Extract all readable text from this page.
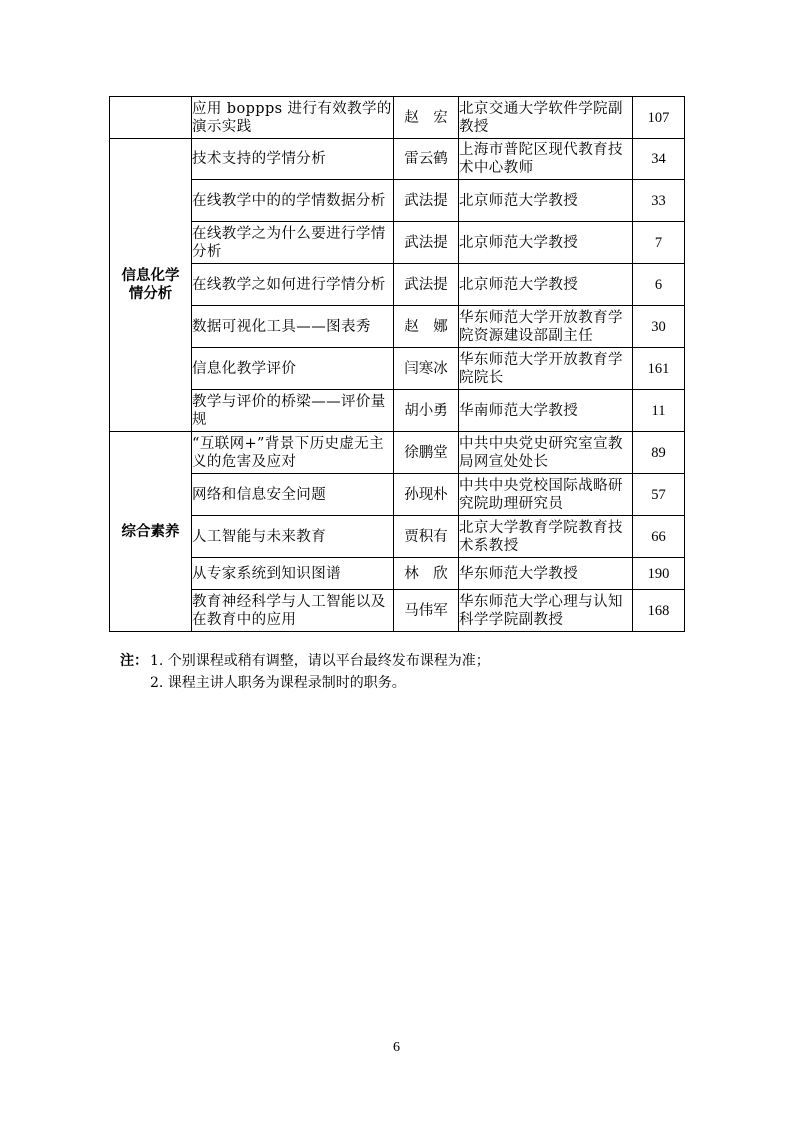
	应用 boppps 进行有效教学的演示实践	赵　宏	北京交通大学软件学院副教授	107
信息化学情分析	技术支持的学情分析	雷云鹤	上海市普陀区现代教育技术中心教师	34
	在线教学中的的学情数据分析	武法提	北京师范大学教授	33
	在线教学之为什么要进行学情分析	武法提	北京师范大学教授	7
	在线教学之如何进行学情分析	武法提	北京师范大学教授	6
	数据可视化工具——图表秀	赵　娜	华东师范大学开放教育学院资源建设部副主任	30
	信息化教学评价	闫寒冰	华东师范大学开放教育学院院长	161
	教学与评价的桥梁——评价量规	胡小勇	华南师范大学教授	11
综合素养	“互联网+”背景下历史虚无主义的危害及应对	徐鹏堂	中共中央党史研究室宣教局网宣处处长	89
	网络和信息安全问题	孙现朴	中共中央党校国际战略研究院助理研究员	57
	人工智能与未来教育	贾积有	北京大学教育学院教育技术系教授	66
	从专家系统到知识图谱	林　欣	华东师范大学教授	190
	教育神经科学与人工智能以及在教育中的应用	马伟军	华东师范大学心理与认知科学学院副教授	168
注： 1. 个别课程或稍有调整，请以平台最终发布课程为准；
2. 课程主讲人职务为课程录制时的职务。
6
